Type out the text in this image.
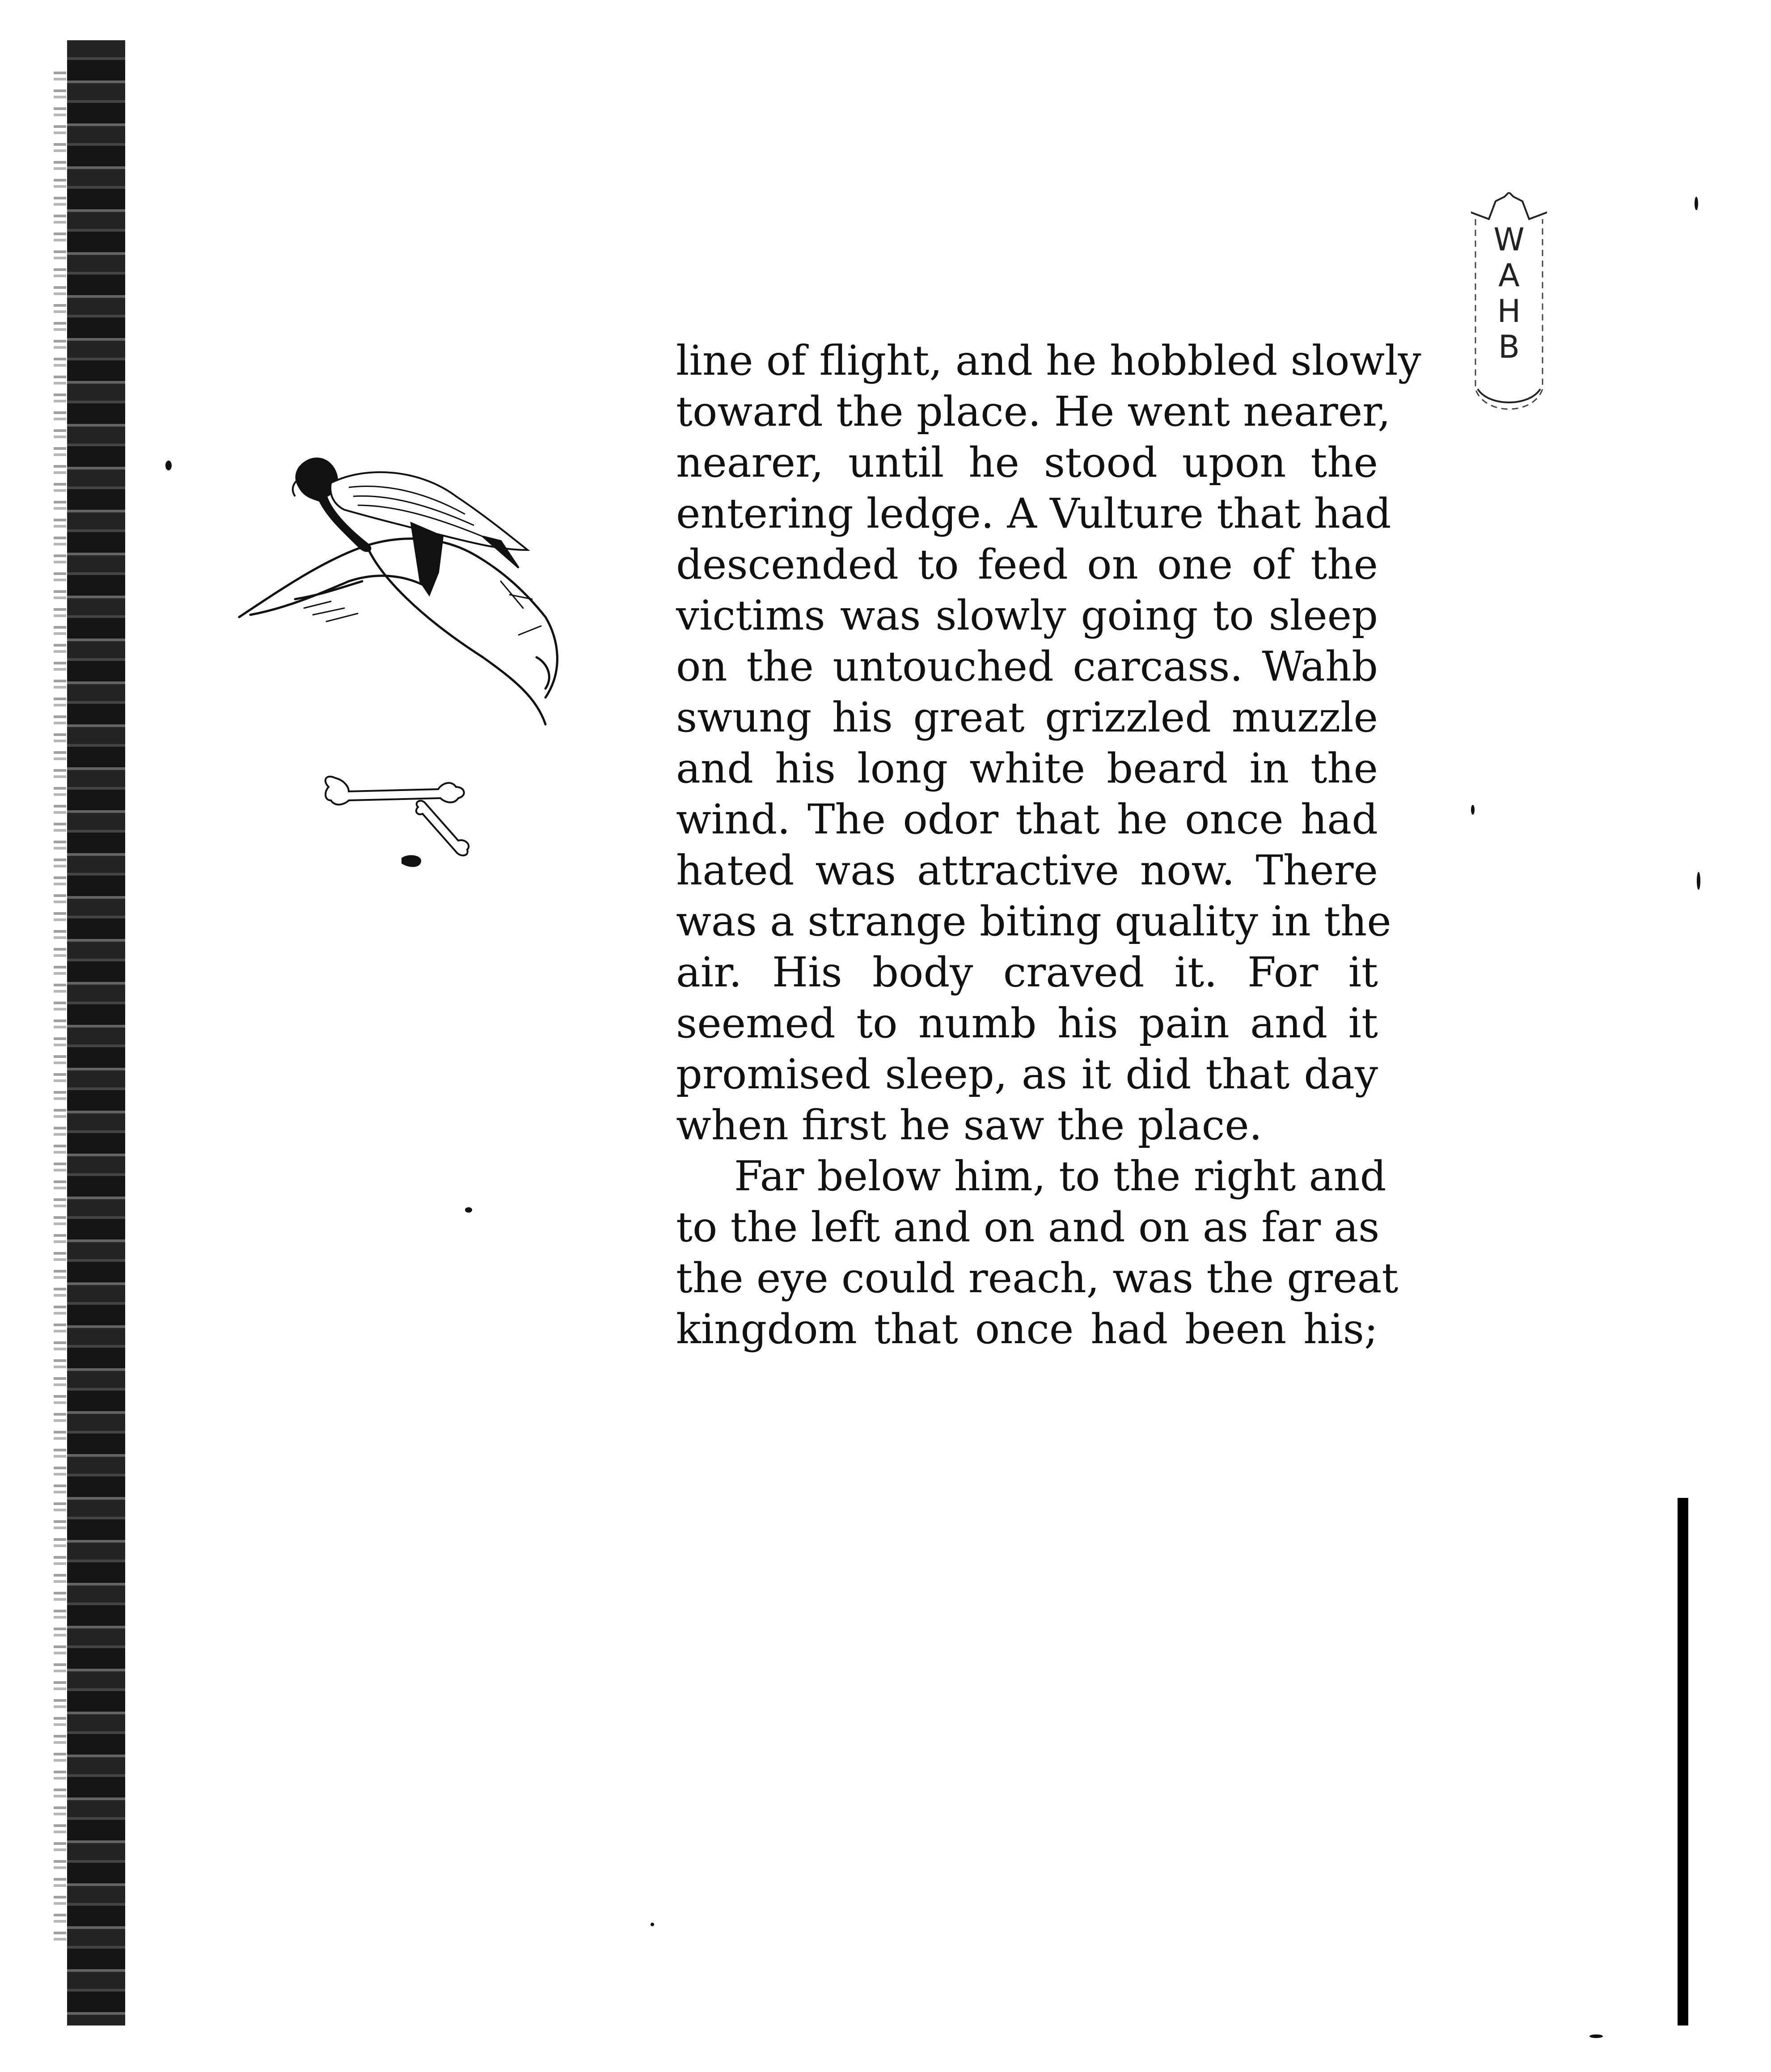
W
A
H
B
line of flight, and he hobbled slowly
toward the place. He went nearer,
nearer, until he stood upon the
entering ledge. A Vulture that had
descended to feed on one of the
victims was slowly going to sleep
on the untouched carcass. Wahb
swung his great grizzled muzzle
and his long white beard in the
wind. The odor that he once had
hated was attractive now. There
was a strange biting quality in the
air. His body craved it. For it
seemed to numb his pain and it
promised sleep, as it did that day
when first he saw the place.
Far below him, to the right and
to the left and on and on as far as
the eye could reach, was the great
kingdom that once had been his;
